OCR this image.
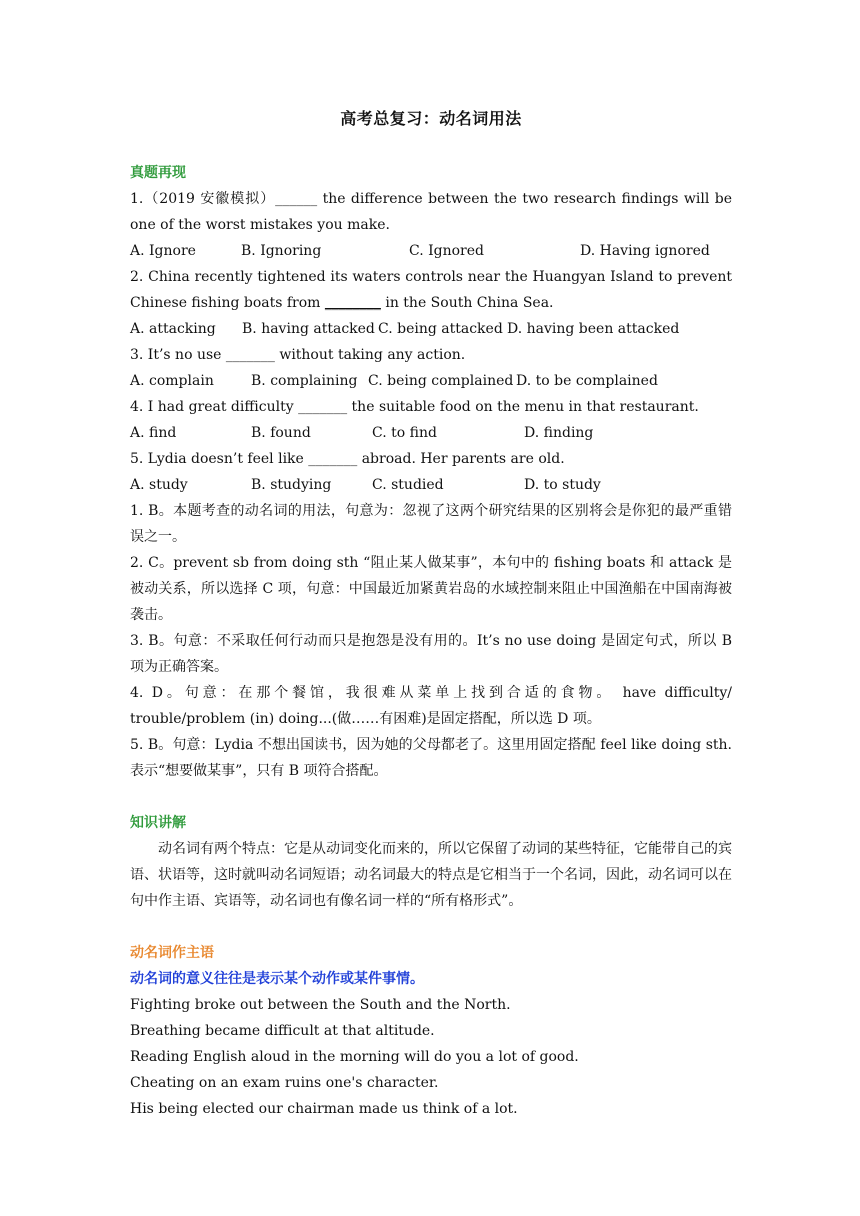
高考总复习：动名词用法
真题再现
1.（2019 安徽模拟）______ the difference between the two research findings will be one of the worst mistakes you make.
A. Ignore	B. Ignoring	C. Ignored	D. Having ignored
2. China recently tightened its waters controls near the Huangyan Island to prevent Chinese fishing boats from ________ in the South China Sea.
A. attacking	B. having attacked C. being attacked D. having been attacked
3. It’s no use _______ without taking any action.
A. complain	B. complaining C. being complained D. to be complained
4. I had great difficulty _______ the suitable food on the menu in that restaurant.
A. find	B. found	C. to find	D. finding
5. Lydia doesn’t feel like _______ abroad. Her parents are old.
A. study	B. studying	C. studied	D. to study
1. B。本题考查的动名词的用法，句意为：忽视了这两个研究结果的区别将会是你犯的最严重错误之一。
2. C。prevent sb from doing sth “阻止某人做某事”，本句中的 fishing boats 和 attack 是被动关系，所以选择 C 项，句意：中国最近加紧黄岩岛的水域控制来阻止中国渔船在中国南海被袭击。
3. B。句意：不采取任何行动而只是抱怨是没有用的。It’s no use doing 是固定句式，所以 B 项为正确答案。
4. D。句意：在那个餐馆，我很难从菜单上找到合适的食物。 have difficulty/ trouble/problem (in) doing...(做……有困难)是固定搭配，所以选 D 项。
5. B。句意：Lydia 不想出国读书，因为她的父母都老了。这里用固定搭配 feel like doing sth. 表示“想要做某事”，只有 B 项符合搭配。
知识讲解
动名词有两个特点：它是从动词变化而来的，所以它保留了动词的某些特征，它能带自己的宾语、状语等，这时就叫动名词短语；动名词最大的特点是它相当于一个名词，因此，动名词可以在句中作主语、宾语等，动名词也有像名词一样的“所有格形式”。
动名词作主语
动名词的意义往往是表示某个动作或某件事情。
Fighting broke out between the South and the North.
Breathing became difficult at that altitude.
Reading English aloud in the morning will do you a lot of good.
Cheating on an exam ruins one's character.
His being elected our chairman made us think of a lot.
